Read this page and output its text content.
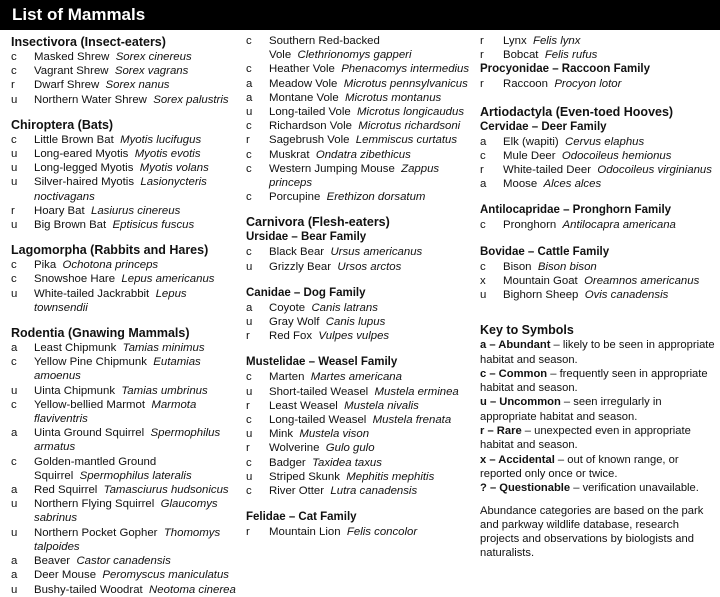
List of Mammals
Insectivora (Insect-eaters)
c	Masked Shrew Sorex cinereus
c	Vagrant Shrew Sorex vagrans
r	Dwarf Shrew Sorex nanus
u	Northern Water Shrew Sorex palustris
Chiroptera (Bats)
c	Little Brown Bat Myotis lucifugus
u	Long-eared Myotis Myotis evotis
u	Long-legged Myotis Myotis volans
u	Silver-haired Myotis Lasionycteris noctivagans
r	Hoary Bat Lasiurus cinereus
u	Big Brown Bat Eptisicus fuscus
Lagomorpha (Rabbits and Hares)
c	Pika Ochotona princeps
c	Snowshoe Hare Lepus americanus
u	White-tailed Jackrabbit Lepus townsendii
Rodentia (Gnawing Mammals)
a	Least Chipmunk Tamias minimus
c	Yellow Pine Chipmunk Eutamias amoenus
u	Uinta Chipmunk Tamias umbrinus
c	Yellow-bellied Marmot Marmota flaviventris
a	Uinta Ground Squirrel Spermophilus armatus
c	Golden-mantled Ground Squirrel Spermophilus lateralis
a	Red Squirrel Tamasciurus hudsonicus
u	Northern Flying Squirrel Glaucomys sabrinus
u	Northern Pocket Gopher Thomomys talpoides
a	Beaver Castor canadensis
a	Deer Mouse Peromyscus maniculatus
u	Bushy-tailed Woodrat Neotoma cinerea
c	Southern Red-backed Vole Clethrionomys gapperi
c	Heather Vole Phenacomys intermedius
a	Meadow Vole Microtus pennsylvanicus
a	Montane Vole Microtus montanus
u	Long-tailed Vole Microtus longicaudus
c	Richardson Vole Microtus richardsoni
r	Sagebrush Vole Lemmiscus curtatus
c	Muskrat Ondatra zibethicus
c	Western Jumping Mouse Zappus princeps
c	Porcupine Erethizon dorsatum
Carnivora (Flesh-eaters)
Ursidae – Bear Family
c	Black Bear Ursus americanus
u	Grizzly Bear Ursos arctos
Canidae – Dog Family
a	Coyote Canis latrans
u	Gray Wolf Canis lupus
r	Red Fox Vulpes vulpes
Mustelidae – Weasel Family
c	Marten Martes americana
u	Short-tailed Weasel Mustela erminea
r	Least Weasel Mustela nivalis
c	Long-tailed Weasel Mustela frenata
u	Mink Mustela vison
r	Wolverine Gulo gulo
c	Badger Taxidea taxus
u	Striped Skunk Mephitis mephitis
c	River Otter Lutra canadensis
Felidae – Cat Family
r	Mountain Lion Felis concolor
r	Lynx Felis lynx
r	Bobcat Felis rufus
Procyonidae – Raccoon Family
r	Raccoon Procyon lotor
Artiodactyla (Even-toed Hooves)
Cervidae – Deer Family
a	Elk (wapiti) Cervus elaphus
c	Mule Deer Odocoileus hemionus
r	White-tailed Deer Odocoileus virginianus
a	Moose Alces alces
Antilocapridae – Pronghorn Family
c	Pronghorn Antilocapra americana
Bovidae – Cattle Family
c	Bison Bison bison
x	Mountain Goat Oreamnos americanus
u	Bighorn Sheep Ovis canadensis
Key to Symbols
a – Abundant – likely to be seen in appropriate habitat and season.
c – Common – frequently seen in appropriate habitat and season.
u – Uncommon – seen irregularly in appropriate habitat and season.
r – Rare – unexpected even in appropriate habitat and season.
x – Accidental – out of known range, or reported only once or twice.
? – Questionable – verification unavailable.
Abundance categories are based on the park and parkway wildlife database, research projects and observations by biologists and naturalists.
